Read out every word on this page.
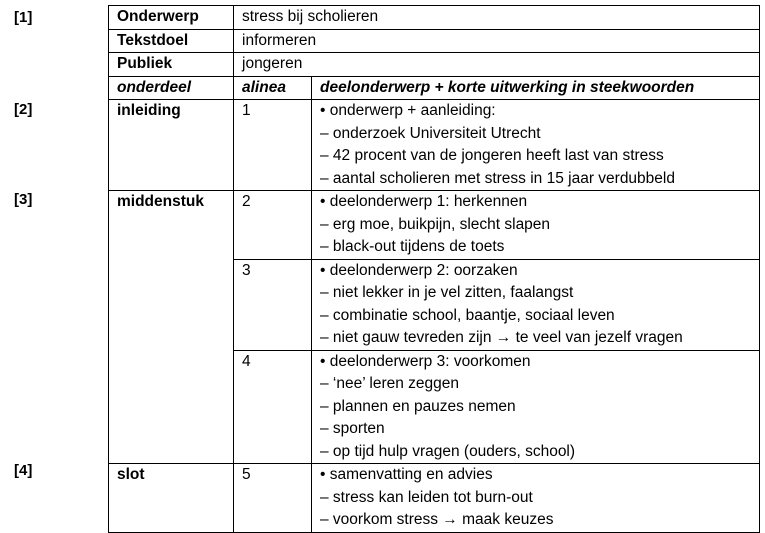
[1]
[2]
[3]
[4]
Onderwerp	stress bij scholieren	
Tekstdoel	informeren	
Publiek	jongeren	
onderdeel	alinea	deelonderwerp + korte uitwerking in steekwoorden
inleiding	1	• onderwerp + aanleiding:
– onderzoek Universiteit Utrecht
– 42 procent van de jongeren heeft last van stress
– aantal scholieren met stress in 15 jaar verdubbeld

middenstuk	2	• deelonderwerp 1: herkennen
– erg moe, buikpijn, slecht slapen
– black-out tijdens de toets

	3	• deelonderwerp 2: oorzaken
– niet lekker in je vel zitten, faalangst
– combinatie school, baantje, sociaal leven
– niet gauw tevreden zijn → te veel van jezelf vragen

	4	• deelonderwerp 3: voorkomen
– ‘nee’ leren zeggen
– plannen en pauzes nemen
– sporten
– op tijd hulp vragen (ouders, school)

slot	5	• samenvatting en advies
– stress kan leiden tot burn-out
– voorkom stress → maak keuzes
